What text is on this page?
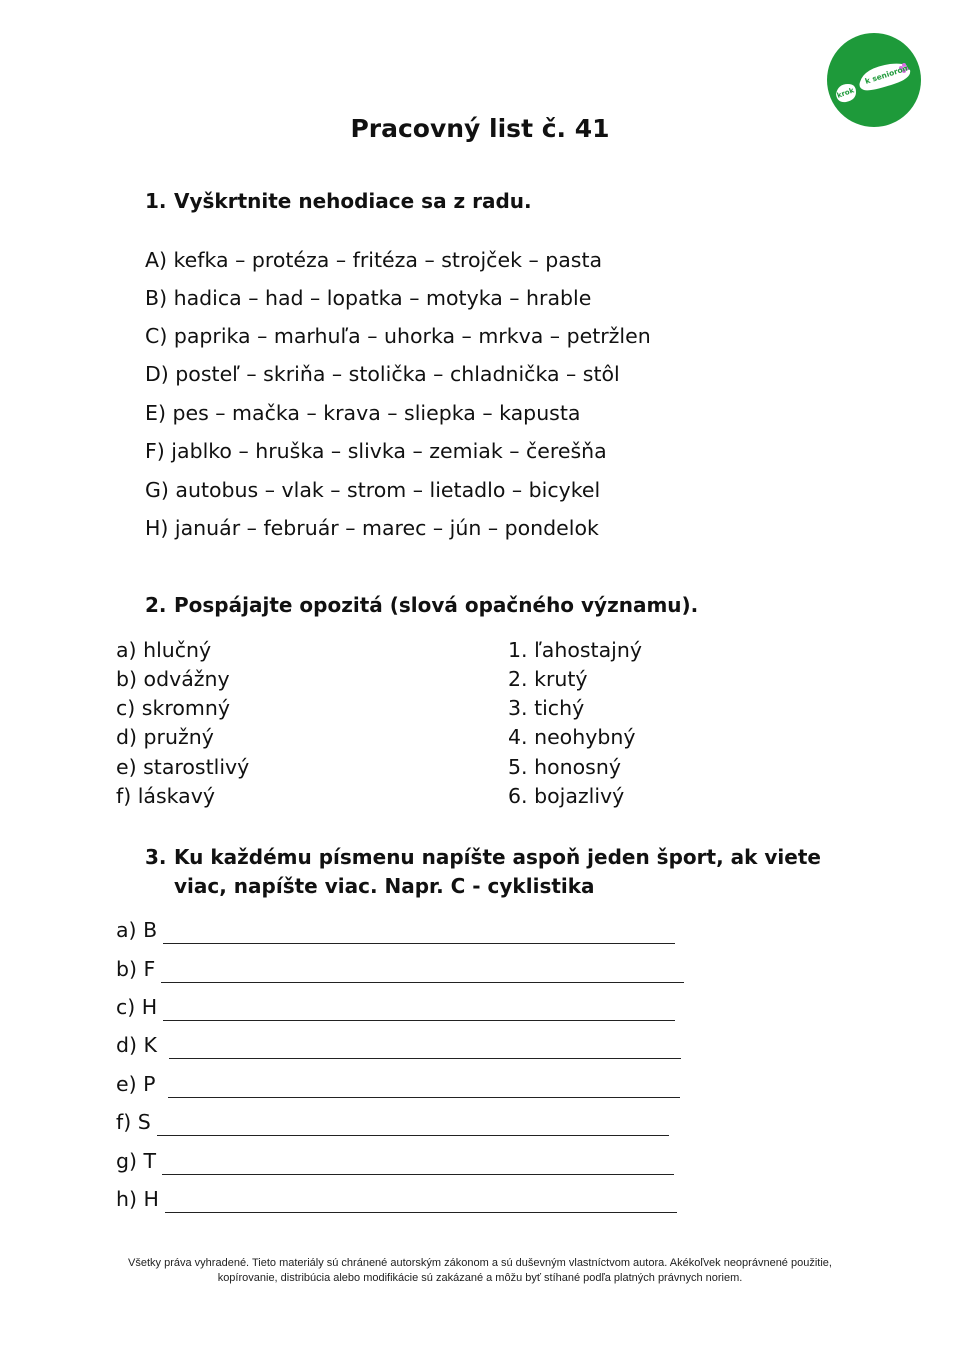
krok
k seniorom
Pracovný list č. 41
1. Vyškrtnite nehodiace sa z radu.
A) kefka – protéza – fritéza – strojček – pasta
B) hadica – had – lopatka – motyka – hrable
C) paprika – marhuľa – uhorka – mrkva – petržlen
D) posteľ – skriňa – stolička – chladnička – stôl
E) pes – mačka – krava – sliepka – kapusta
F) jablko – hruška – slivka – zemiak – čerešňa
G) autobus – vlak – strom – lietadlo – bicykel
H) január – február – marec – jún – pondelok
2. Pospájajte opozitá (slová opačného významu).
a) hlučný
b) odvážny
c) skromný
d) pružný
e) starostlivý
f) láskavý
1. ľahostajný
2. krutý
3. tichý
4. neohybný
5. honosný
6. bojazlivý
3. Ku každému písmenu napíšte aspoň jeden šport, ak viete
viac, napíšte viac. Napr. C - cyklistika
a) B
b) F
c) H
d) K
e) P
f) S
g) T
h) H
Všetky práva vyhradené. Tieto materiály sú chránené autorským zákonom a sú duševným vlastníctvom autora. Akékoľvek neoprávnené použitie,
kopírovanie, distribúcia alebo modifikácie sú zakázané a môžu byť stíhané podľa platných právnych noriem.
